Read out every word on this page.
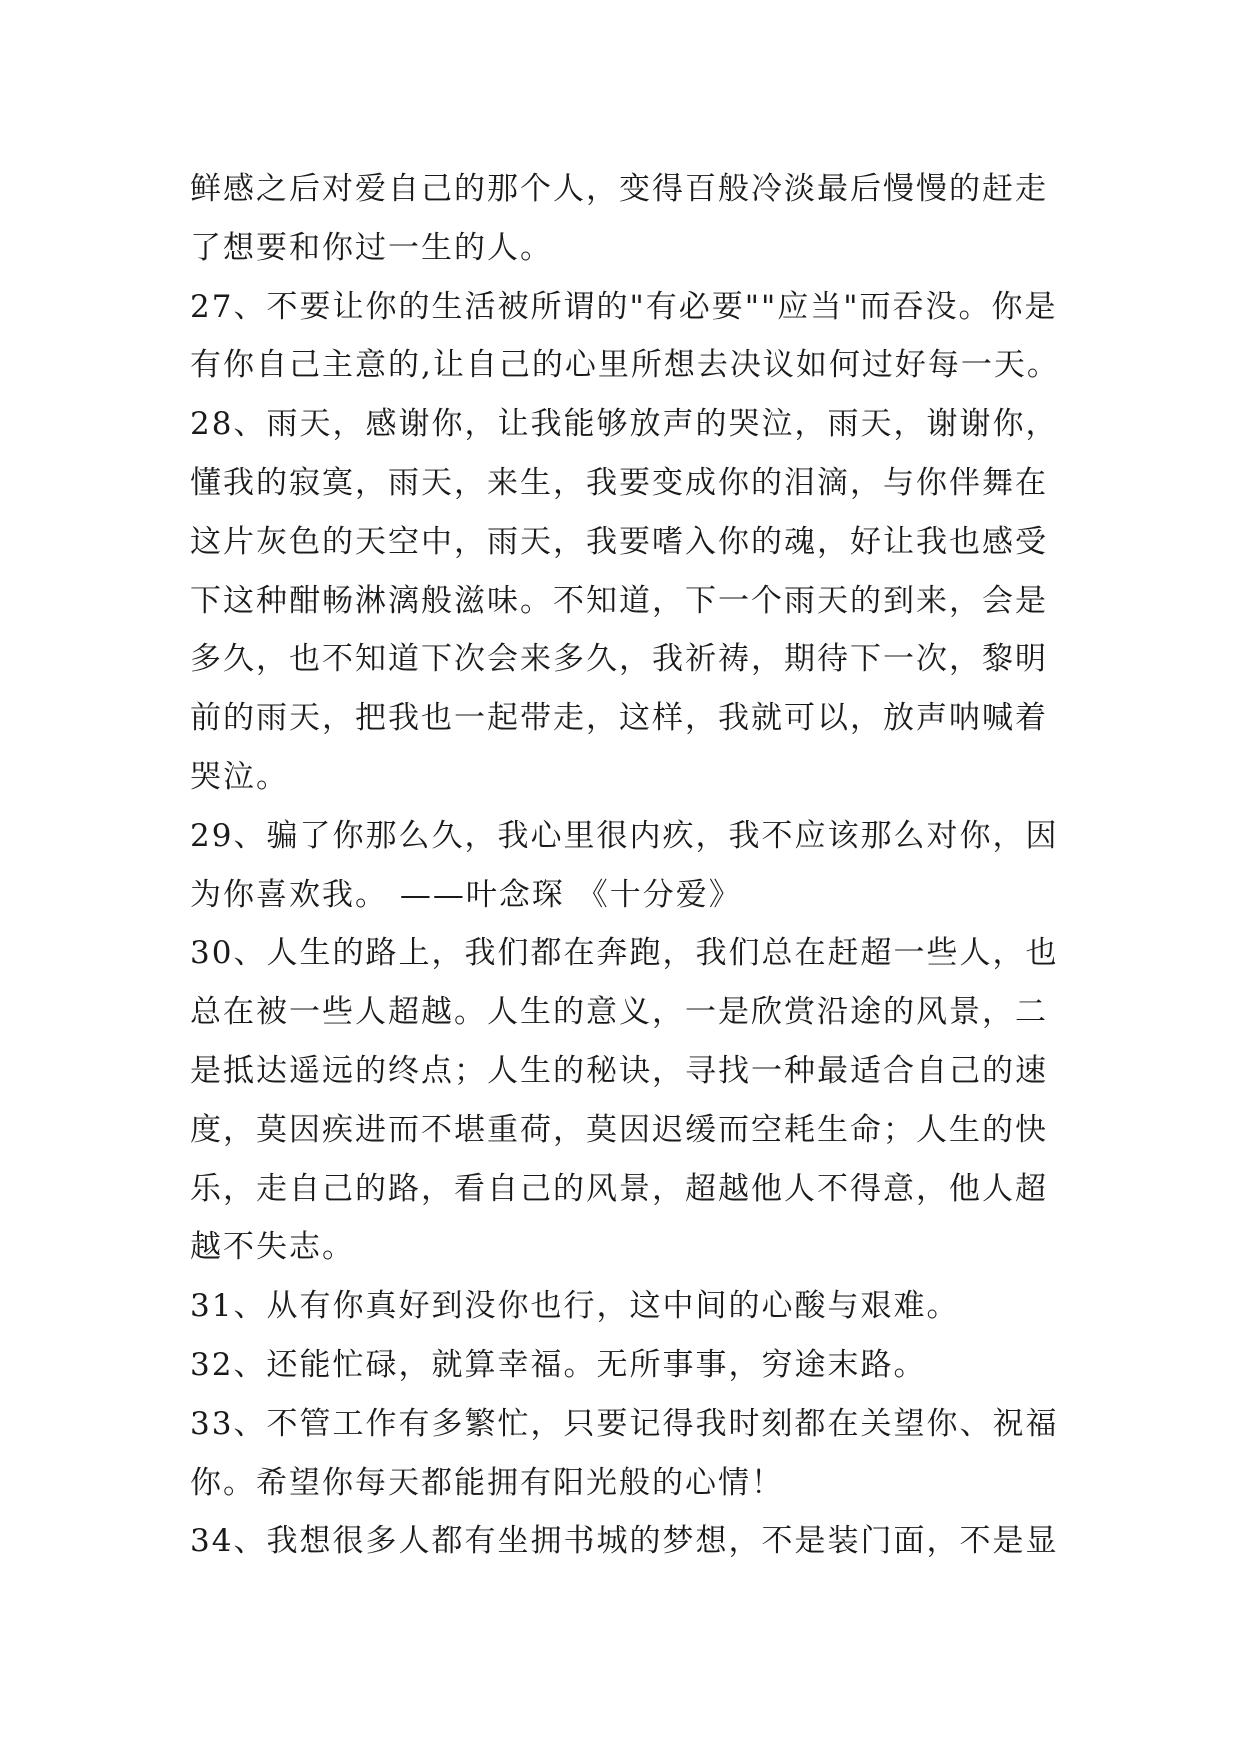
鲜感之后对爱自己的那个人，变得百般冷淡最后慢慢的赶走
了想要和你过一生的人。
27、不要让你的生活被所谓的"有必要""应当"而吞没。你是
有你自己主意的,让自己的心里所想去决议如何过好每一天。
28、雨天，感谢你，让我能够放声的哭泣，雨天，谢谢你，
懂我的寂寞，雨天，来生，我要变成你的泪滴，与你伴舞在
这片灰色的天空中，雨天，我要嗜入你的魂，好让我也感受
下这种酣畅淋漓般滋味。不知道，下一个雨天的到来，会是
多久，也不知道下次会来多久，我祈祷，期待下一次，黎明
前的雨天，把我也一起带走，这样，我就可以，放声呐喊着
哭泣。
29、骗了你那么久，我心里很内疚，我不应该那么对你，因
为你喜欢我。 ——叶念琛 《十分爱》
30、人生的路上，我们都在奔跑，我们总在赶超一些人，也
总在被一些人超越。人生的意义，一是欣赏沿途的风景，二
是抵达遥远的终点；人生的秘诀，寻找一种最适合自己的速
度，莫因疾进而不堪重荷，莫因迟缓而空耗生命；人生的快
乐，走自己的路，看自己的风景，超越他人不得意，他人超
越不失志。
31、从有你真好到没你也行，这中间的心酸与艰难。
32、还能忙碌，就算幸福。无所事事，穷途末路。
33、不管工作有多繁忙，只要记得我时刻都在关望你、祝福
你。希望你每天都能拥有阳光般的心情！
34、我想很多人都有坐拥书城的梦想，不是装门面，不是显
